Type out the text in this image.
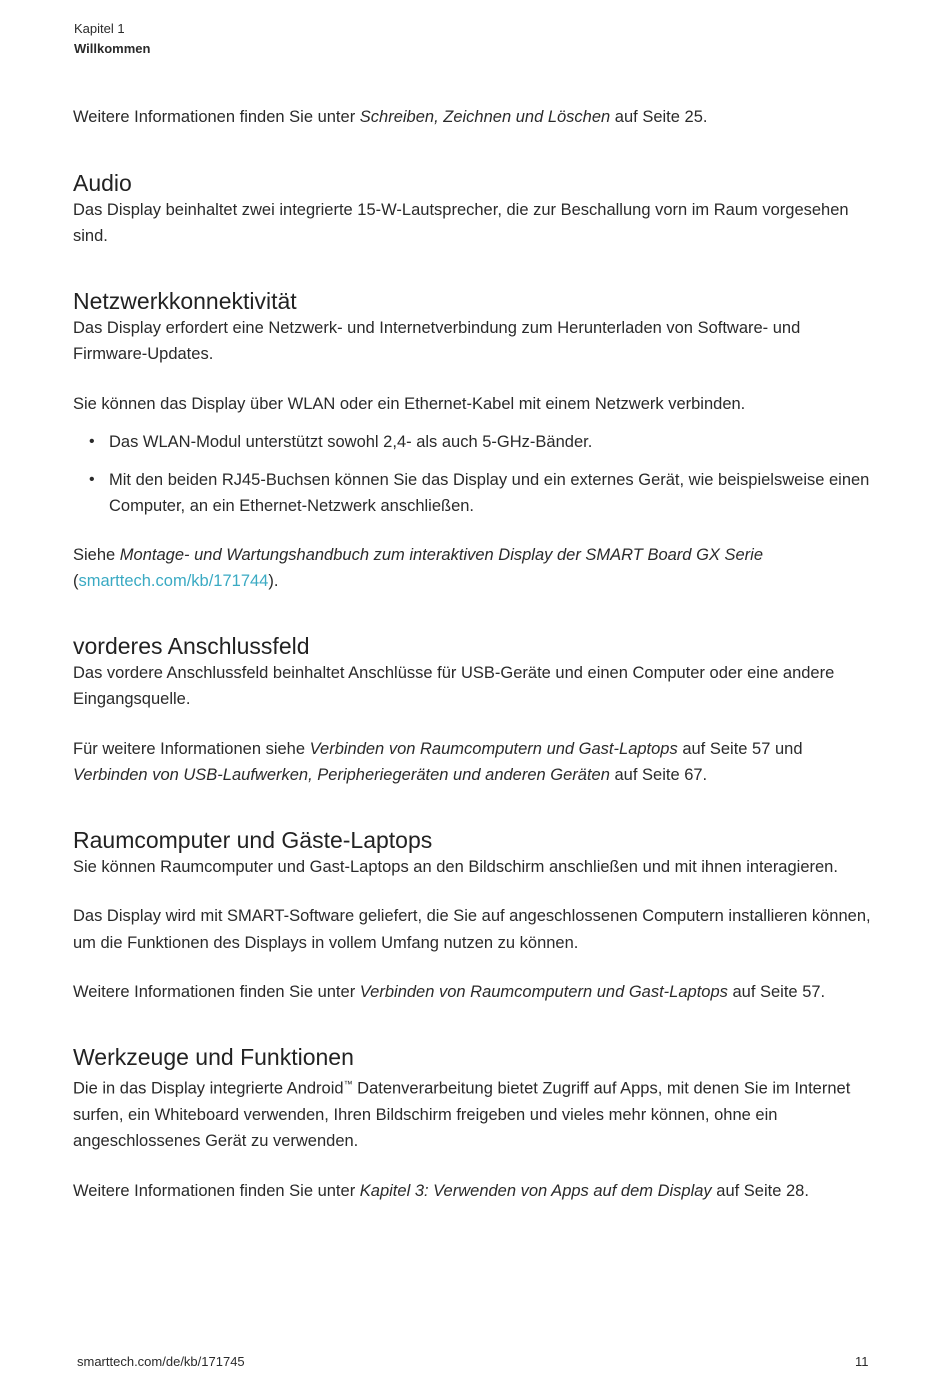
Kapitel 1
Willkommen

Weitere Informationen finden Sie unter Schreiben, Zeichnen und Löschen auf Seite 25.

Audio

Das Display beinhaltet zwei integrierte 15-W-Lautsprecher, die zur Beschallung vorn im Raum vorgesehen sind.

Netzwerkkonnektivität

Das Display erfordert eine Netzwerk- und Internetverbindung zum Herunterladen von Software- und Firmware-Updates.

Sie können das Display über WLAN oder ein Ethernet-Kabel mit einem Netzwerk verbinden.

• Das WLAN-Modul unterstützt sowohl 2,4- als auch 5-GHz-Bänder.
• Mit den beiden RJ45-Buchsen können Sie das Display und ein externes Gerät, wie beispielsweise einen Computer, an ein Ethernet-Netzwerk anschließen.

Siehe Montage- und Wartungshandbuch zum interaktiven Display der SMART Board GX Serie
(smarttech.com/kb/171744).

vorderes Anschlussfeld

Das vordere Anschlussfeld beinhaltet Anschlüsse für USB-Geräte und einen Computer oder eine andere Eingangsquelle.

Für weitere Informationen siehe Verbinden von Raumcomputern und Gast-Laptops auf Seite 57 und
Verbinden von USB-Laufwerken, Peripheriegeräten und anderen Geräten auf Seite 67.

Raumcomputer und Gäste-Laptops

Sie können Raumcomputer und Gast-Laptops an den Bildschirm anschließen und mit ihnen interagieren.

Das Display wird mit SMART-Software geliefert, die Sie auf angeschlossenen Computern installieren können, um die Funktionen des Displays in vollem Umfang nutzen zu können.

Weitere Informationen finden Sie unter Verbinden von Raumcomputern und Gast-Laptops auf Seite 57.

Werkzeuge und Funktionen

Die in das Display integrierte Android™ Datenverarbeitung bietet Zugriff auf Apps, mit denen Sie im Internet surfen, ein Whiteboard verwenden, Ihren Bildschirm freigeben und vieles mehr können, ohne ein angeschlossenes Gerät zu verwenden.

Weitere Informationen finden Sie unter Kapitel 3: Verwenden von Apps auf dem Display auf Seite 28.

smarttech.com/de/kb/171745	11
